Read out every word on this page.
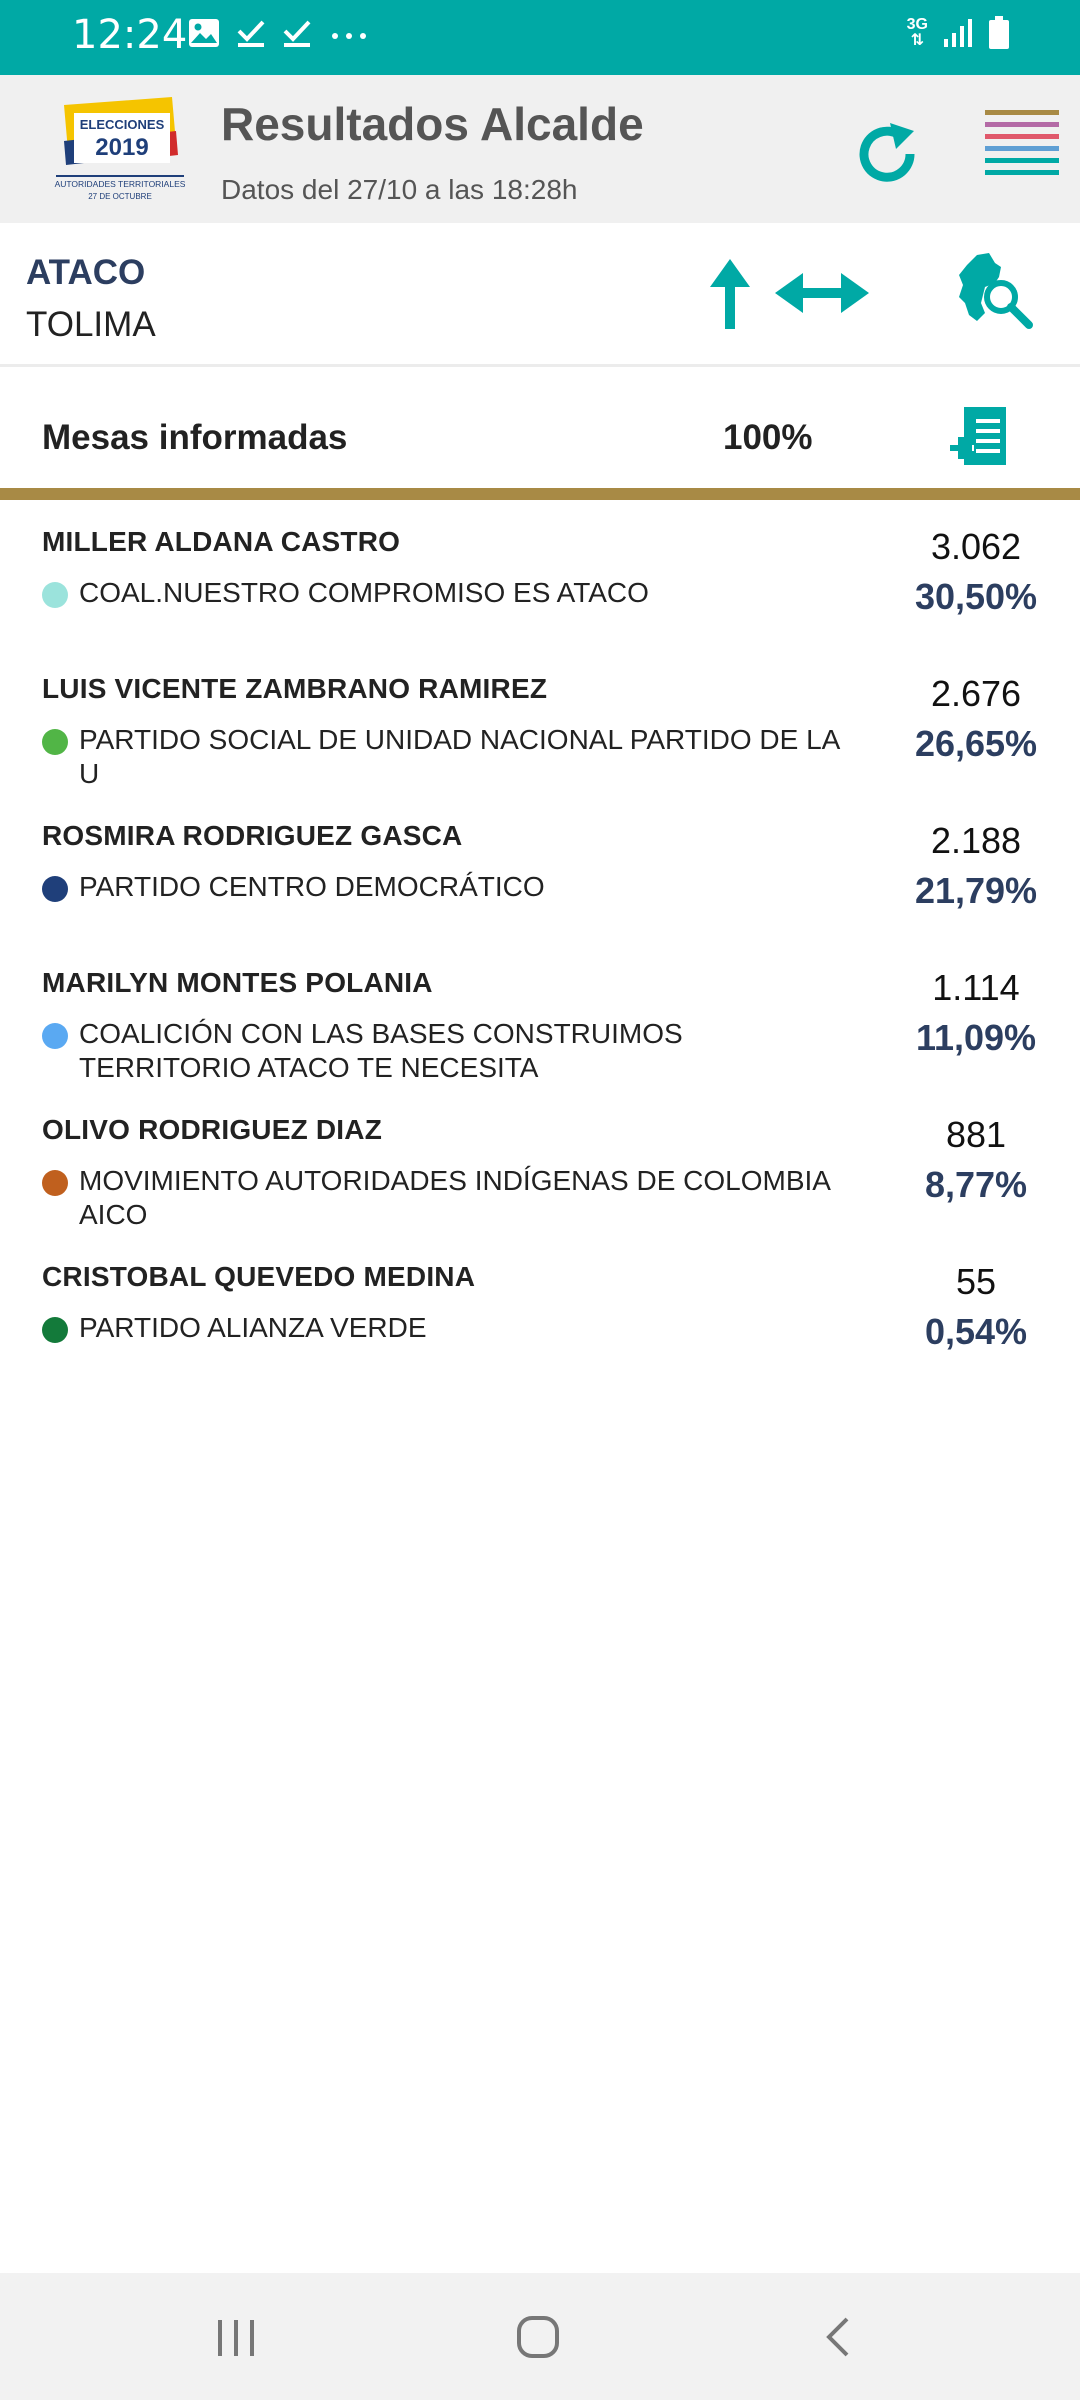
12:24	3G
⇅
ELECCIONES
2019
AUTORIDADES TERRITORIALES
27 DE OCTUBRE
Resultados Alcalde
Datos del 27/10 a las 18:28h
ATACO
TOLIMA
Mesas informadas	100%
MILLER ALDANA CASTRO
COAL.NUESTRO COMPROMISO ES ATACO
3.062
30,50%
LUIS VICENTE ZAMBRANO RAMIREZ
PARTIDO SOCIAL DE UNIDAD NACIONAL PARTIDO DE LA U
2.676
26,65%
ROSMIRA RODRIGUEZ GASCA
PARTIDO CENTRO DEMOCRÁTICO
2.188
21,79%
MARILYN MONTES POLANIA
COALICIÓN CON LAS BASES CONSTRUIMOS TERRITORIO ATACO TE NECESITA
1.114
11,09%
OLIVO RODRIGUEZ DIAZ
MOVIMIENTO AUTORIDADES INDÍGENAS DE COLOMBIA AICO
881
8,77%
CRISTOBAL QUEVEDO MEDINA
PARTIDO ALIANZA VERDE
55
0,54%
